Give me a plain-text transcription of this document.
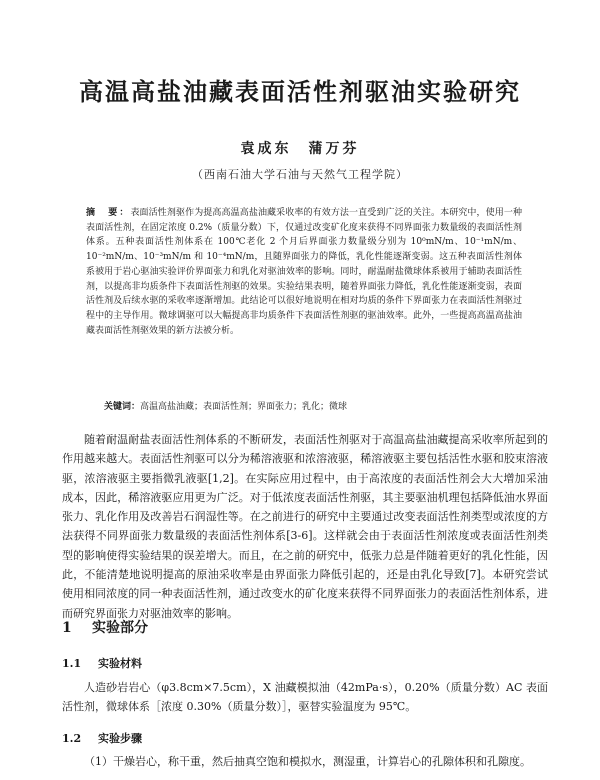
高温高盐油藏表面活性剂驱油实验研究
袁成东　蒲万芬
（西南石油大学石油与天然气工程学院）
摘　要：表面活性剂驱作为提高高温高盐油藏采收率的有效方法一直受到广泛的关注。本研究中，使用一种表面活性剂，在固定浓度 0.2%（质量分数）下，仅通过改变矿化度来获得不同界面张力数量级的表面活性剂体系。五种表面活性剂体系在 100℃老化 2 个月后界面张力数量级分别为 10⁰mN/m、10⁻¹mN/m、10⁻²mN/m、10⁻³mN/m 和 10⁻⁴mN/m，且随界面张力的降低，乳化性能逐渐变弱。这五种表面活性剂体系被用于岩心驱油实验评价界面张力和乳化对驱油效率的影响。同时，耐温耐盐微球体系被用于辅助表面活性剂，以提高非均质条件下表面活性剂驱的效果。实验结果表明，随着界面张力降低，乳化性能逐渐变弱，表面活性剂及后续水驱的采收率逐渐增加。此结论可以很好地说明在相对均质的条件下界面张力在表面活性剂驱过程中的主导作用。微球调驱可以大幅提高非均质条件下表面活性剂驱的驱油效率。此外，一些提高高温高盐油藏表面活性剂驱效果的新方法被分析。
关键词：高温高盐油藏；表面活性剂；界面张力；乳化；微球
随着耐温耐盐表面活性剂体系的不断研发，表面活性剂驱对于高温高盐油藏提高采收率所起到的作用越来越大。表面活性剂驱可以分为稀溶液驱和浓溶液驱，稀溶液驱主要包括活性水驱和胶束溶液驱，浓溶液驱主要指微乳液驱[1,2]。在实际应用过程中，由于高浓度的表面活性剂会大大增加采油成本，因此，稀溶液驱应用更为广泛。对于低浓度表面活性剂驱，其主要驱油机理包括降低油水界面张力、乳化作用及改善岩石润湿性等。在之前进行的研究中主要通过改变表面活性剂类型或浓度的方法获得不同界面张力数量级的表面活性剂体系[3-6]。这样就会由于表面活性剂浓度或表面活性剂类型的影响使得实验结果的误差增大。而且，在之前的研究中，低张力总是伴随着更好的乳化性能，因此，不能清楚地说明提高的原油采收率是由界面张力降低引起的，还是由乳化导致[7]。本研究尝试使用相同浓度的同一种表面活性剂，通过改变水的矿化度来获得不同界面张力的表面活性剂体系，进而研究界面张力对驱油效率的影响。
1 实验部分
1.1 实验材料
人造砂岩岩心（φ3.8cm×7.5cm），X 油藏模拟油（42mPa·s），0.20%（质量分数）AC 表面活性剂，微球体系［浓度 0.30%（质量分数）］，驱替实验温度为 95℃。
1.2 实验步骤
（1）干燥岩心，称干重，然后抽真空饱和模拟水，测湿重，计算岩心的孔隙体积和孔隙度。
